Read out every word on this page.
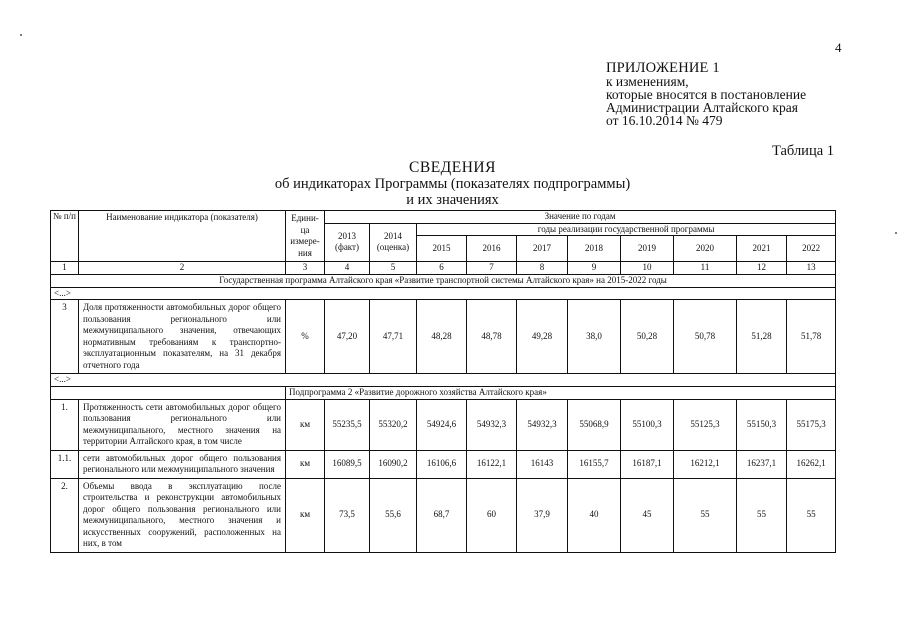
4
ПРИЛОЖЕНИЕ 1
к изменениям,
которые вносятся в постановление
Администрации Алтайского края
от 16.10.2014 № 479
Таблица 1
СВЕДЕНИЯ
об индикаторах Программы (показателях подпрограммы)
и их значениях
№ п/п	Наименование индикатора (показателя)	Едини-ца измере-ния	Значение по годам									
			2013 (факт)	2014 (оценка)	годы реализации государственной программы							
					2015	2016	2017	2018	2019	2020	2021	2022
1	2	3	4	5	6	7	8	9	10	11	12	13
Государственная программа Алтайского края «Развитие транспортной системы Алтайского края» на 2015-2022 годы												
<...>												
3	Доля протяженности автомобильных дорог общего пользования регионального или межмуниципального значения, отвечающих нормативным требованиям к транспортно-эксплуатационным показателям, на 31 декабря отчетного года	%	47,20	47,71	48,28	48,78	49,28	38,0	50,28	50,78	51,28	51,78
<...>												
		Подпрограмма 2 «Развитие дорожного хозяйства Алтайского края»										
1.	Протяженность сети автомобильных дорог общего пользования регионального или межмуниципального, местного значения на территории Алтайского края, в том числе	км	55235,5	55320,2	54924,6	54932,3	54932,3	55068,9	55100,3	55125,3	55150,3	55175,3
1.1.	сети автомобильных дорог общего пользования регионального или межмуниципального значения	км	16089,5	16090,2	16106,6	16122,1	16143	16155,7	16187,1	16212,1	16237,1	16262,1
2.	Объемы ввода в эксплуатацию после строительства и реконструкции автомобильных дорог общего пользования регионального или межмуниципального, местного значения и искусственных сооружений, расположенных на них, в том	км	73,5	55,6	68,7	60	37,9	40	45	55	55	55
